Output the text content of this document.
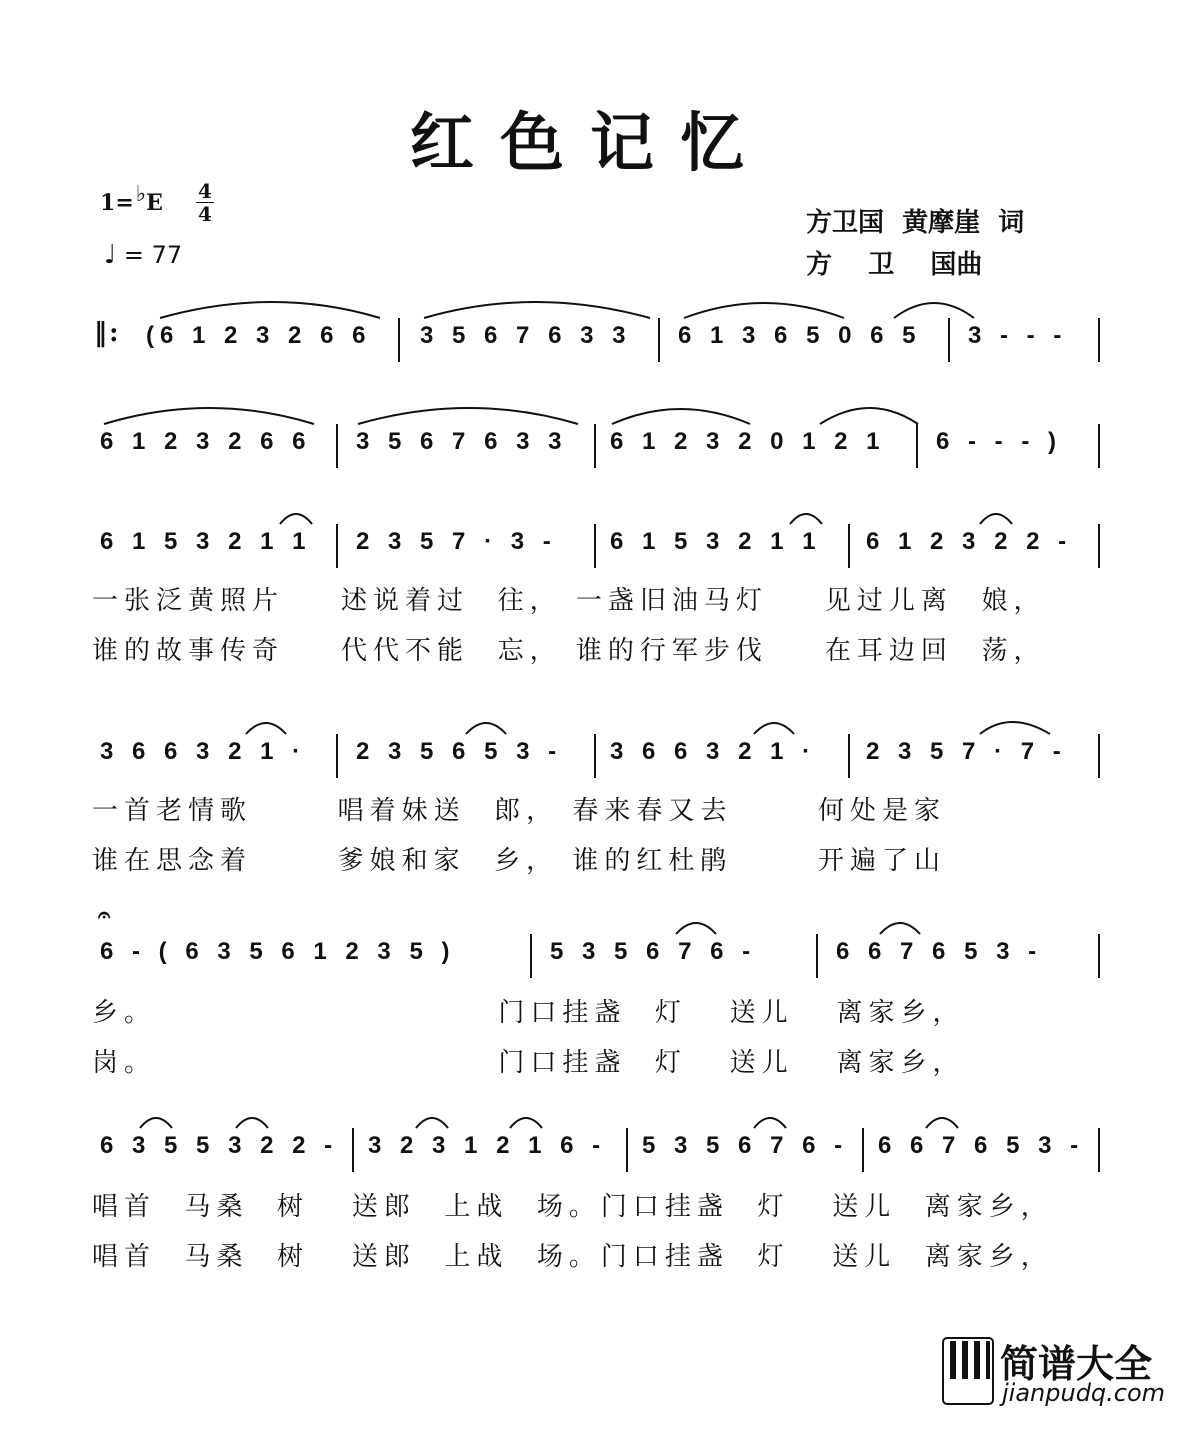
红色记忆
1=♭E 4
4
♩ = 77
方卫国  黄摩崖  词
方    卫    国曲
‖: (6 1 2 3 2 6 6 3 5 6 7 6 3 3 6 1 3 6 5 0 6 5 3 - - -
6 1 2 3 2 6 6 3 5 6 7 6 3 3 6 1 2 3 2 0 1 2 1 6 - - - )
6 1 5 3 2 1 1 2 3 5 7 · 3 - 6 1 5 3 2 1 1 6 1 2 3 2 2 -
一张泛黄照片    述说着过  往， 一盏旧油马灯    见过儿离  娘，
谁的故事传奇    代代不能  忘， 谁的行军步伐    在耳边回  荡，
3 6 6 3 2 1 · 2 3 5 6 5 3 - 3 6 6 3 2 1 · 2 3 5 7 · 7 -
一首老情歌      唱着妹送  郎， 春来春又去      何处是家
谁在思念着      爹娘和家  乡， 谁的红杜鹃      开遍了山
𝄐
6 - ( 6 3 5 6 1 2 3 5 )	5 3 5 6 7 6 -	6 6 7 6 5 3 -
乡。                        门口挂盏  灯   送儿   离家乡，
岗。                        门口挂盏  灯   送儿   离家乡，
6 3 5 5 3 2 2 - 3 2 3 1 2 1 6 - 5 3 5 6 7 6 - 6 6 7 6 5 3 -
唱首  马桑  树   送郎  上战  场。门口挂盏  灯   送儿  离家乡，
唱首  马桑  树   送郎  上战  场。门口挂盏  灯   送儿  离家乡，
简谱大全
jianpudq.com
